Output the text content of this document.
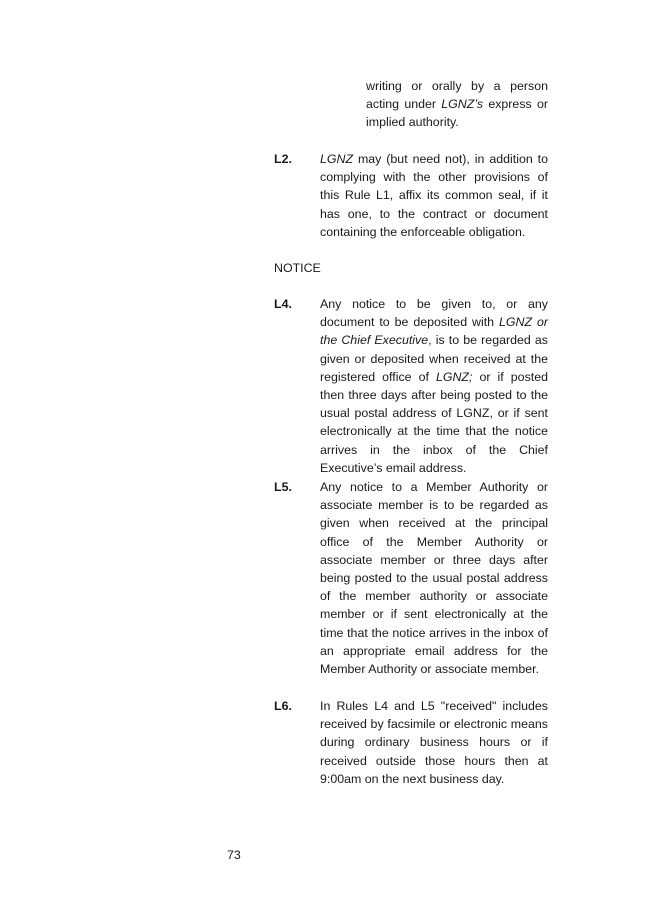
writing or orally by a person acting under LGNZ’s express or implied authority.

L2. LGNZ may (but need not), in addition to complying with the other provisions of this Rule L1, affix its common seal, if it has one, to the contract or document containing the enforceable obligation.

NOTICE

L4. Any notice to be given to, or any document to be deposited with LGNZ or the Chief Executive, is to be regarded as given or deposited when received at the registered office of LGNZ; or if posted then three days after being posted to the usual postal address of LGNZ, or if sent electronically at the time that the notice arrives in the inbox of the Chief Executive’s email address.

L5. Any notice to a Member Authority or associate member is to be regarded as given when received at the principal office of the Member Authority or associate member or three days after being posted to the usual postal address of the member authority or associate member or if sent electronically at the time that the notice arrives in the inbox of an appropriate email address for the Member Authority or associate member.

L6. In Rules L4 and L5 "received" includes received by facsimile or electronic means during ordinary business hours or if received outside those hours then at 9:00am on the next business day.

73
